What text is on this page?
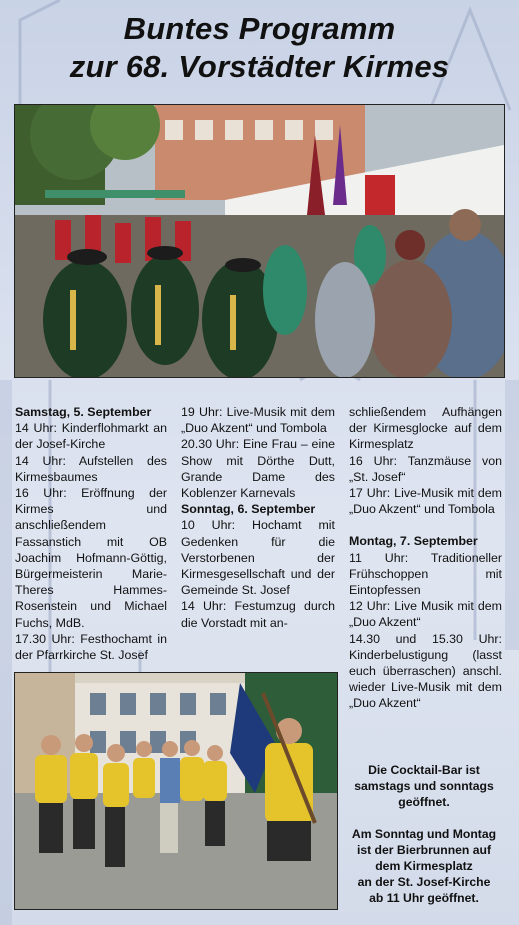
Buntes Programm
zur 68. Vorstädter Kirmes

Samstag, 5. September

14 Uhr: Kinderflohmarkt an der Josef-Kirche

14 Uhr: Aufstellen des Kirmesbaumes

16 Uhr: Eröffnung der Kirmes und anschließendem Fassanstich mit OB Joachim Hofmann-Göttig, Bürgermeisterin Marie-Theres Hammes-Rosenstein und Michael Fuchs, MdB.

17.30 Uhr: Festhochamt in der Pfarrkirche St. Josef

19 Uhr: Live-Musik mit dem „Duo Akzent“ und Tombola

20.30 Uhr: Eine Frau – eine Show mit Dörthe Dutt, Grande Dame des Koblenzer Karnevals

Sonntag, 6. September

10 Uhr: Hochamt mit Gedenken für die Verstorbenen der Kirmesgesellschaft und der Gemeinde St. Josef

14 Uhr: Festumzug durch die Vorstadt mit an-

schließendem Aufhängen der Kirmesglocke auf dem Kirmesplatz

16 Uhr: Tanzmäuse von „St. Josef“

17 Uhr: Live-Musik mit dem „Duo Akzent“ und Tombola

Montag, 7. September

11 Uhr: Traditioneller Frühschoppen mit Eintopfessen

12 Uhr: Live Musik mit dem „Duo Akzent“

14.30 und 15.30 Uhr: Kinderbelustigung (lasst euch überraschen) anschl. wieder Live-Musik mit dem „Duo Akzent“

Die Cocktail-Bar ist
samstags und sonntags
geöffnet.

Am Sonntag und Montag
ist der Bierbrunnen auf
dem Kirmesplatz
an der St. Josef-Kirche
ab 11 Uhr geöffnet.
